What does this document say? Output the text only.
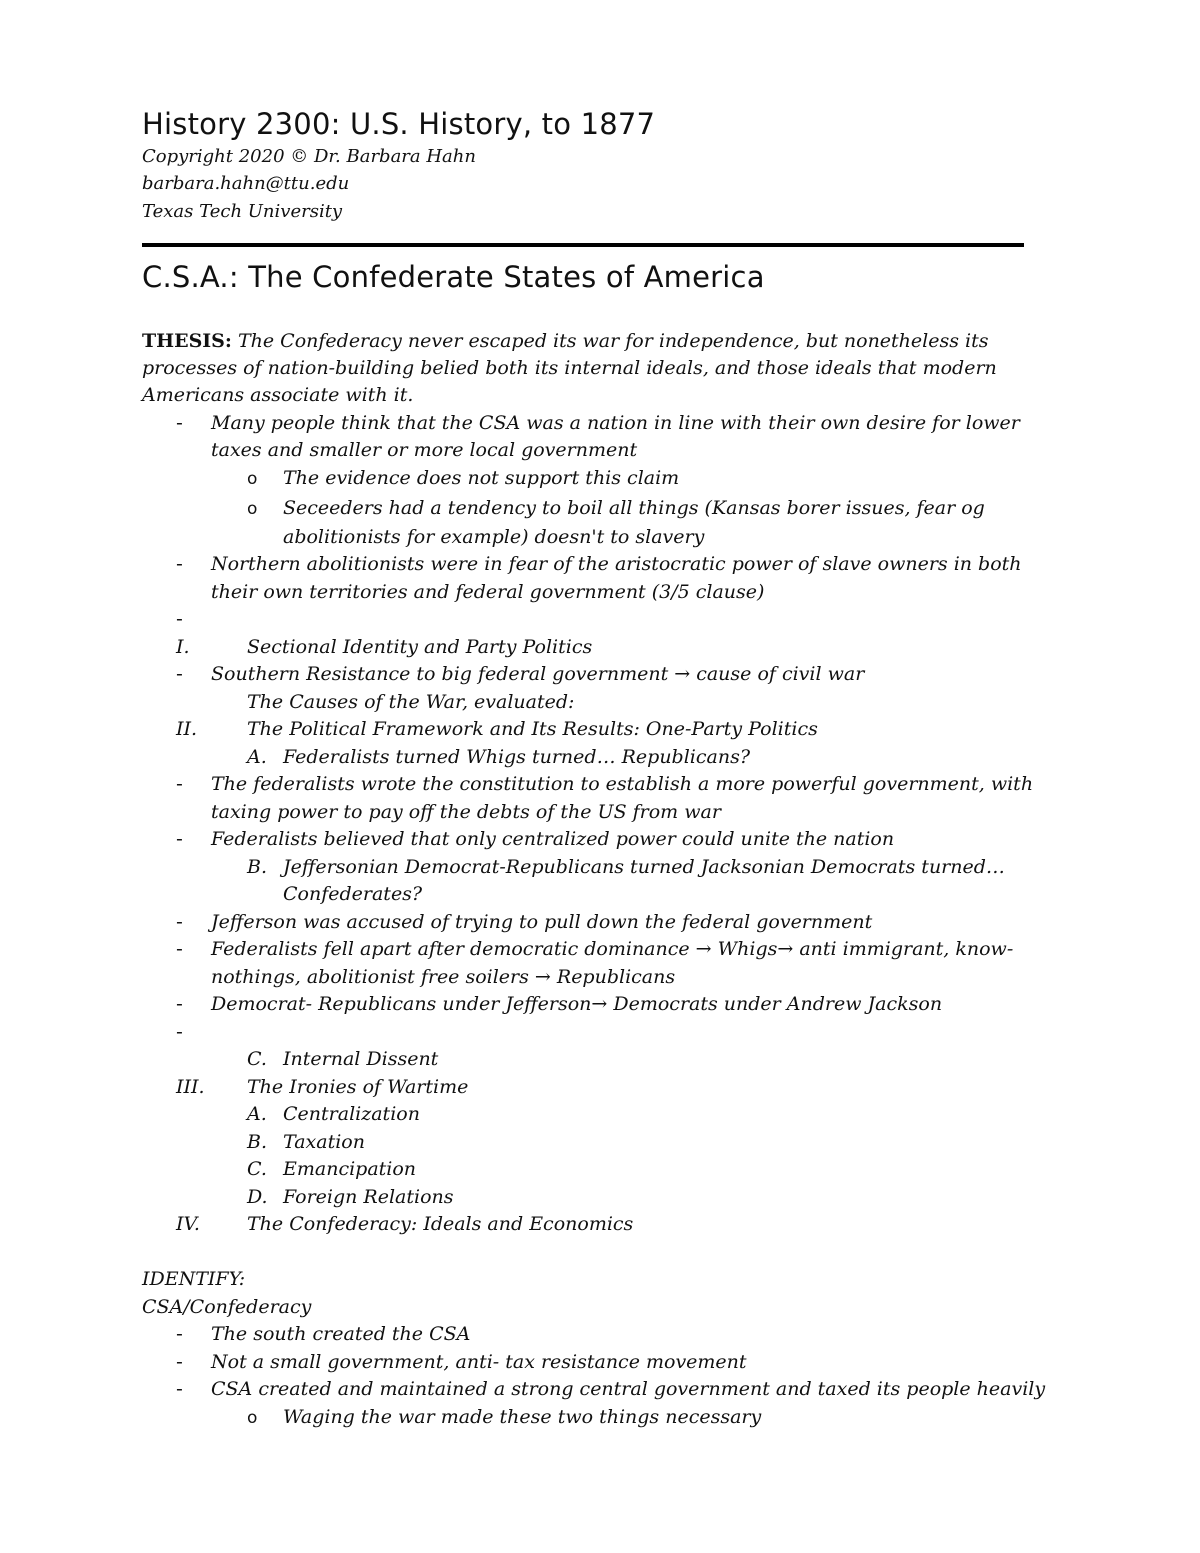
History 2300: U.S. History, to 1877
Copyright 2020 © Dr. Barbara Hahn
barbara.hahn@ttu.edu
Texas Tech University
C.S.A.: The Confederate States of America
THESIS: The Confederacy never escaped its war for independence, but nonetheless its
processes of nation-building belied both its internal ideals, and those ideals that modern
Americans associate with it.
- Many people think that the CSA was a nation in line with their own desire for lower
taxes and smaller or more local government
o The evidence does not support this claim
o Seceeders had a tendency to boil all things (Kansas borer issues, fear og
abolitionists for example) doesn't to slavery
- Northern abolitionists were in fear of the aristocratic power of slave owners in both
their own territories and federal government (3/5 clause)
-
I.	Sectional Identity and Party Politics
- Southern Resistance to big federal government → cause of civil war
The Causes of the War, evaluated:
II.	The Political Framework and Its Results: One-Party Politics
A. Federalists turned Whigs turned… Republicans?
- The federalists wrote the constitution to establish a more powerful government, with
taxing power to pay off the debts of the US from war
- Federalists believed that only centralized power could unite the nation
B. Jeffersonian Democrat-Republicans turned Jacksonian Democrats turned…
Confederates?
- Jefferson was accused of trying to pull down the federal government
- Federalists fell apart after democratic dominance → Whigs→ anti immigrant, know-
nothings, abolitionist free soilers → Republicans
- Democrat- Republicans under Jefferson→ Democrats under Andrew Jackson
-
C. Internal Dissent
III. The Ironies of Wartime
A. Centralization
B. Taxation
C. Emancipation
D. Foreign Relations
IV. The Confederacy: Ideals and Economics
IDENTIFY:
CSA/Confederacy
- The south created the CSA
- Not a small government, anti- tax resistance movement
- CSA created and maintained a strong central government and taxed its people heavily
o Waging the war made these two things necessary
